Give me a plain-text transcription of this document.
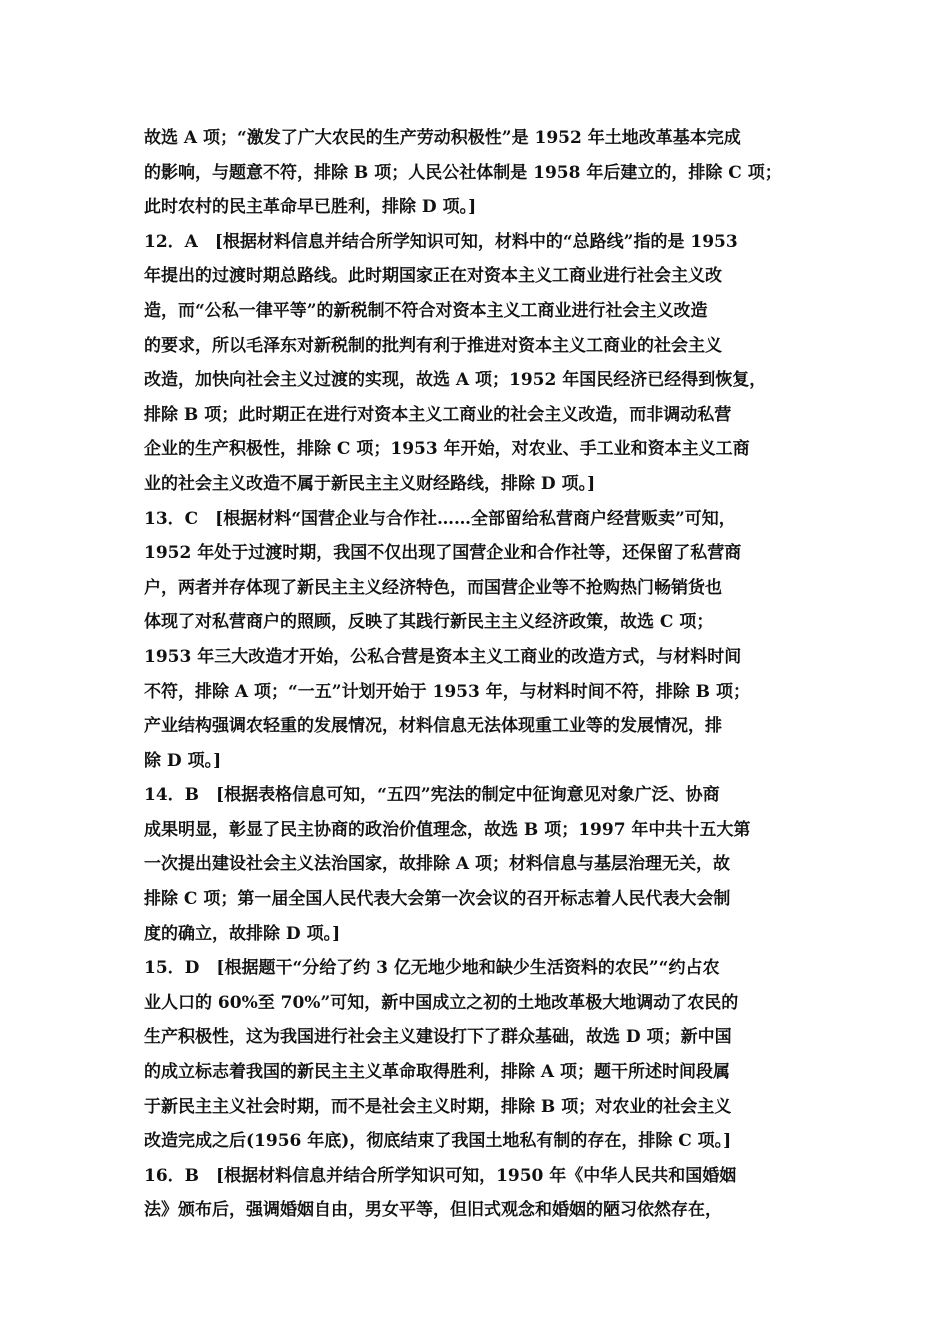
故选 A 项；“激发了广大农民的生产劳动积极性”是 1952 年土地改革基本完成
的影响，与题意不符，排除 B 项；人民公社体制是 1958 年后建立的，排除 C 项；
此时农村的民主革命早已胜利，排除 D 项。]
12．A　[根据材料信息并结合所学知识可知，材料中的“总路线”指的是 1953
年提出的过渡时期总路线。此时期国家正在对资本主义工商业进行社会主义改
造，而“公私一律平等”的新税制不符合对资本主义工商业进行社会主义改造
的要求，所以毛泽东对新税制的批判有利于推进对资本主义工商业的社会主义
改造，加快向社会主义过渡的实现，故选 A 项；1952 年国民经济已经得到恢复，
排除 B 项；此时期正在进行对资本主义工商业的社会主义改造，而非调动私营
企业的生产积极性，排除 C 项；1953 年开始，对农业、手工业和资本主义工商
业的社会主义改造不属于新民主主义财经路线，排除 D 项。]
13．C　[根据材料“国营企业与合作社……全部留给私营商户经营贩卖”可知，
1952 年处于过渡时期，我国不仅出现了国营企业和合作社等，还保留了私营商
户，两者并存体现了新民主主义经济特色，而国营企业等不抢购热门畅销货也
体现了对私营商户的照顾，反映了其践行新民主主义经济政策，故选 C 项；
1953 年三大改造才开始，公私合营是资本主义工商业的改造方式，与材料时间
不符，排除 A 项；“一五”计划开始于 1953 年，与材料时间不符，排除 B 项；
产业结构强调农轻重的发展情况，材料信息无法体现重工业等的发展情况，排
除 D 项。]
14．B　[根据表格信息可知，“五四”宪法的制定中征询意见对象广泛、协商
成果明显，彰显了民主协商的政治价值理念，故选 B 项；1997 年中共十五大第
一次提出建设社会主义法治国家，故排除 A 项；材料信息与基层治理无关，故
排除 C 项；第一届全国人民代表大会第一次会议的召开标志着人民代表大会制
度的确立，故排除 D 项。]
15．D　[根据题干“分给了约 3 亿无地少地和缺少生活资料的农民”“约占农
业人口的 60%至 70%”可知，新中国成立之初的土地改革极大地调动了农民的
生产积极性，这为我国进行社会主义建设打下了群众基础，故选 D 项；新中国
的成立标志着我国的新民主主义革命取得胜利，排除 A 项；题干所述时间段属
于新民主主义社会时期，而不是社会主义时期，排除 B 项；对农业的社会主义
改造完成之后(1956 年底)，彻底结束了我国土地私有制的存在，排除 C 项。]
16．B　[根据材料信息并结合所学知识可知，1950 年《中华人民共和国婚姻
法》颁布后，强调婚姻自由，男女平等，但旧式观念和婚姻的陋习依然存在，
